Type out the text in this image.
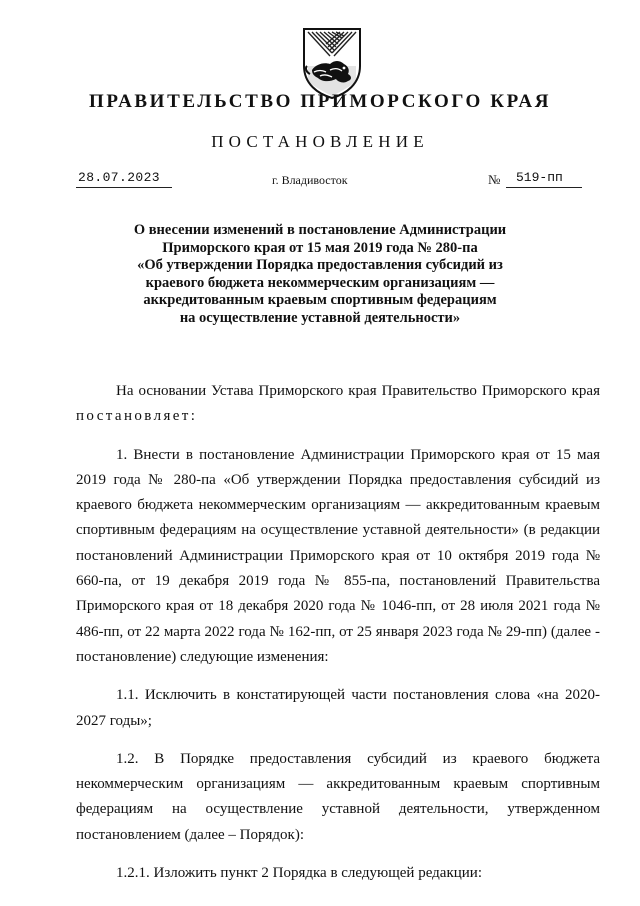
ПРАВИТЕЛЬСТВО ПРИМОРСКОГО КРАЯ
ПОСТАНОВЛЕНИЕ
28.07.2023	г. Владивосток	№	519-пп
О внесении изменений в постановление Администрации
Приморского края от 15 мая 2019 года № 280-па
«Об утверждении Порядка предоставления субсидий из
краевого бюджета некоммерческим организациям —
аккредитованным краевым спортивным федерациям
на осуществление уставной деятельности»

На основании Устава Приморского края Правительство Приморского края постановляет:

1. Внести в постановление Администрации Приморского края от 15 мая 2019 года № 280-па «Об утверждении Порядка предоставления субсидий из краевого бюджета некоммерческим организациям — аккредитованным краевым спортивным федерациям на осуществление уставной деятельности» (в редакции постановлений Администрации Приморского края от 10 октября 2019 года № 660-па, от 19 декабря 2019 года № 855-па, постановлений Правительства Приморского края от 18 декабря 2020 года № 1046-пп, от 28 июля 2021 года № 486-пп, от 22 марта 2022 года № 162-пп, от 25 января 2023 года № 29-пп) (далее - постановление) следующие изменения:

1.1. Исключить в констатирующей части постановления слова «на 2020-2027 годы»;

1.2. В Порядке предоставления субсидий из краевого бюджета некоммерческим организациям — аккредитованным краевым спортивным федерациям на осуществление уставной деятельности, утвержденном постановлением (далее – Порядок):

1.2.1. Изложить пункт 2 Порядка в следующей редакции:
